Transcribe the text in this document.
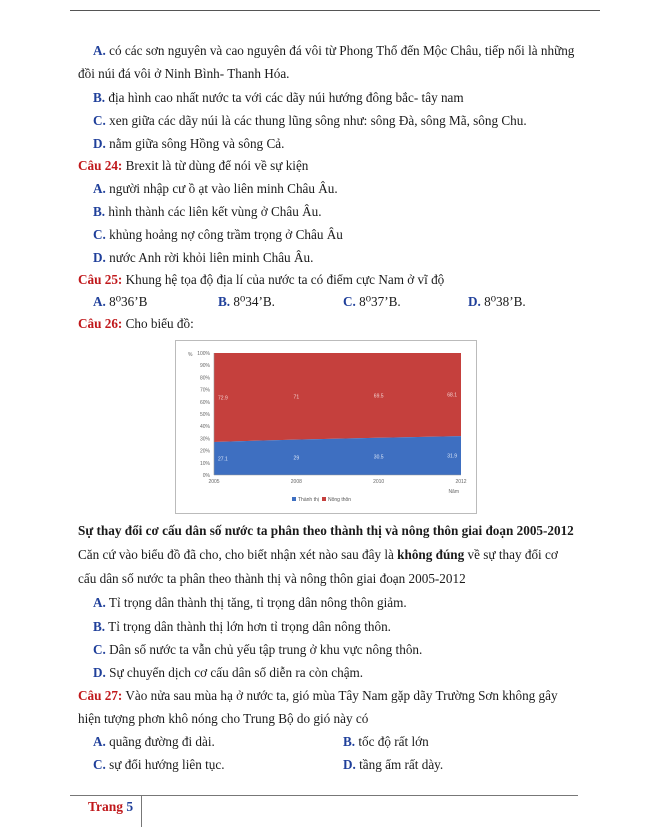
A. có các sơn nguyên và cao nguyên đá vôi từ Phong Thổ đến Mộc Châu, tiếp nối là những
đồi núi đá vôi ở Ninh Bình- Thanh Hóa.
B. địa hình cao nhất nước ta với các dãy núi hướng đông bắc- tây nam
C. xen giữa các dãy núi là các thung lũng sông như: sông Đà, sông Mã, sông Chu.
D. nằm giữa sông Hồng và sông Cả.
Câu 24: Brexit là từ dùng để nói về sự kiện
A. người nhập cư ồ ạt vào liên minh Châu Âu.
B. hình thành các liên kết vùng ở Châu Âu.
C. khủng hoảng nợ công trầm trọng ở Châu Âu
D. nước Anh rời khỏi liên minh Châu Âu.
Câu 25: Khung hệ tọa độ địa lí của nước ta có điểm cực Nam ở vĩ độ
A. 8⁰36’B	B. 8⁰34’B.	C. 8⁰37’B.	D. 8⁰38’B.
Câu 26: Cho biểu đồ:
0%
10%
20%
30%
40%
50%
60%
70%
80%
90%
100%
%
2005	2008	2010	2012
Năm
27.1
72.9
29
71
30.5
69.5
31.9
68.1
Thành thị Nông thôn
Sự thay đổi cơ cấu dân số nước ta phân theo thành thị và nông thôn giai đoạn 2005-2012
Căn cứ vào biểu đồ đã cho, cho biết nhận xét nào sau đây là không đúng về sự thay đổi cơ
cấu dân số nước ta phân theo thành thị và nông thôn giai đoạn 2005-2012
A. Tỉ trọng dân thành thị tăng, tỉ trọng dân nông thôn giảm.
B. Tỉ trọng dân thành thị lớn hơn tỉ trọng dân nông thôn.
C. Dân số nước ta vẫn chủ yếu tập trung ở khu vực nông thôn.
D. Sự chuyển dịch cơ cấu dân số diễn ra còn chậm.
Câu 27: Vào nửa sau mùa hạ ở nước ta, gió mùa Tây Nam gặp dãy Trường Sơn không gây
hiện tượng phơn khô nóng cho Trung Bộ do gió này có
A. quãng đường đi dài.	B. tốc độ rất lớn
C. sự đổi hướng liên tục.	D. tầng ẩm rất dày.
Trang 5
